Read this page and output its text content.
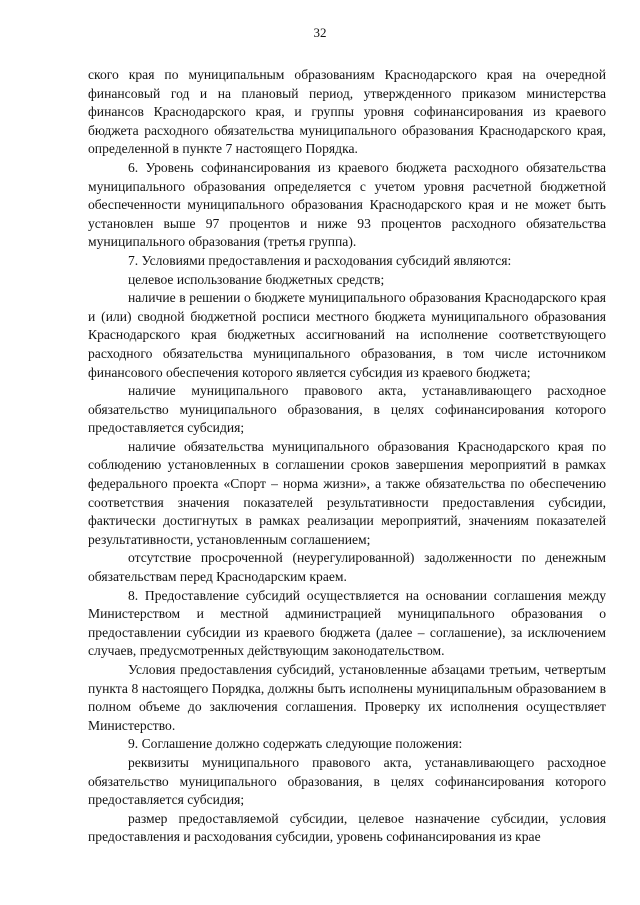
32

ского края по муниципальным образованиям Краснодарского края на очередной финансовый год и на плановый период, утвержденного приказом министерства финансов Краснодарского края, и группы уровня софинансирования из краевого бюджета расходного обязательства муниципального образования Краснодарского края, определенной в пункте 7 настоящего Порядка.

6. Уровень софинансирования из краевого бюджета расходного обязательства муниципального образования определяется с учетом уровня расчетной бюджетной обеспеченности муниципального образования Краснодарского края и не может быть установлен выше 97 процентов и ниже 93 процентов расходного обязательства муниципального образования (третья группа).

7. Условиями предоставления и расходования субсидий являются:

целевое использование бюджетных средств;

наличие в решении о бюджете муниципального образования Краснодарского края и (или) сводной бюджетной росписи местного бюджета муниципального образования Краснодарского края бюджетных ассигнований на исполнение соответствующего расходного обязательства муниципального образования, в том числе источником финансового обеспечения которого является субсидия из краевого бюджета;

наличие муниципального правового акта, устанавливающего расходное обязательство муниципального образования, в целях софинансирования которого предоставляется субсидия;

наличие обязательства муниципального образования Краснодарского края по соблюдению установленных в соглашении сроков завершения мероприятий в рамках федерального проекта «Спорт – норма жизни», а также обязательства по обеспечению соответствия значения показателей результативности предоставления субсидии, фактически достигнутых в рамках реализации мероприятий, значениям показателей результативности, установленным соглашением;

отсутствие просроченной (неурегулированной) задолженности по денежным обязательствам перед Краснодарским краем.

8. Предоставление субсидий осуществляется на основании соглашения между Министерством и местной администрацией муниципального образования о предоставлении субсидии из краевого бюджета (далее – соглашение), за исключением случаев, предусмотренных действующим законодательством.

Условия предоставления субсидий, установленные абзацами третьим, четвертым пункта 8 настоящего Порядка, должны быть исполнены муниципальным образованием в полном объеме до заключения соглашения. Проверку их исполнения осуществляет Министерство.

9. Соглашение должно содержать следующие положения:

реквизиты муниципального правового акта, устанавливающего расходное обязательство муниципального образования, в целях софинансирования которого предоставляется субсидия;

размер предоставляемой субсидии, целевое назначение субсидии, условия предоставления и расходования субсидии, уровень софинансирования из крае
